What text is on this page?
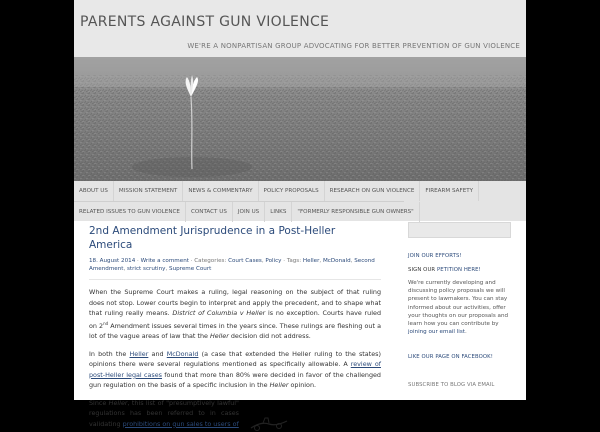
PARENTS AGAINST GUN VIOLENCE
WE'RE A NONPARTISAN GROUP ADVOCATING FOR BETTER PREVENTION OF GUN VIOLENCE
ABOUT US	MISSION STATEMENT	NEWS & COMMENTARY	POLICY PROPOSALS	RESEARCH ON GUN VIOLENCE	FIREARM SAFETY
RELATED ISSUES TO GUN VIOLENCE	CONTACT US	JOIN US	LINKS	"FORMERLY RESPONSIBLE GUN OWNERS"
2nd Amendment Jurisprudence in a Post-Heller America
18. August 2014 · Write a comment · Categories: Court Cases, Policy · Tags: Heller, McDonald, Second Amendment, strict scrutiny, Supreme Court

When the Supreme Court makes a ruling, legal reasoning on the subject of that ruling does not stop. Lower courts begin to interpret and apply the precedent, and to shape what that ruling really means. District of Columbia v Heller is no exception. Courts have ruled on 2nd Amendment issues several times in the years since. These rulings are fleshing out a lot of the vague areas of law that the Heller decision did not address.

In both the Heller and McDonald (a case that extended the Heller ruling to the states) opinions there were several regulations mentioned as specifically allowable. A review of post-Heller legal cases found that more than 80% were decided in favor of the challenged gun regulation on the basis of a specific inclusion in the Heller opinion.

Since Heller, this list of "presumptively lawful" regulations has been referred to in cases validating prohibitions on gun sales to users of

JOIN OUR EFFORTS!
SIGN OUR PETITION HERE!
We're currently developing and discussing policy proposals we will present to lawmakers. You can stay informed about our activities, offer your thoughts on our proposals and learn how you can contribute by joining our email list.
LIKE OUR PAGE ON FACEBOOK!
SUBSCRIBE TO BLOG VIA EMAIL
